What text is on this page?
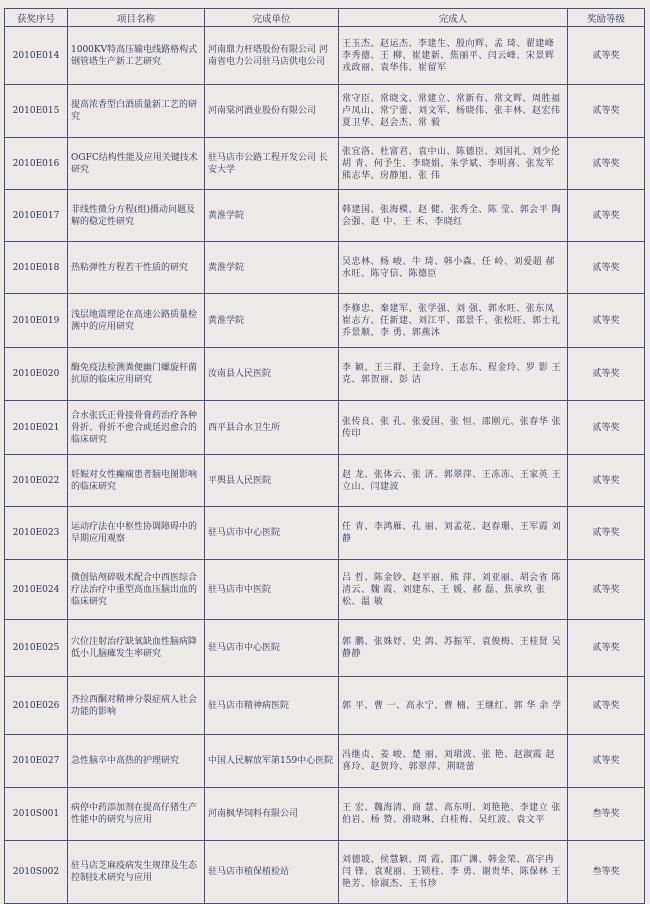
获奖序号	项目名称	完成单位	完成人	奖励等级
2010E014	1000KV特高压输电线路格构式钢管塔生产新工艺研究	河南鼎力杆塔股份有限公司 河南省电力公司驻马店供电公司	王玉杰、赵运杰、李建生、殷向辉、孟 琦、翟建峰 李秀德、王 柳、崔建新、焦丽平、闫云峰、宋景辉 戎政丽、袁华伟、崔留军	贰等奖
2010E015	提高浓香型白酒质量新工艺的研究	河南棠河酒业股份有限公司	常守臣、常晓文、常建立、常新有、常文辉、周胜福 卢凤山、常宁蕾、刘文军、杨晓伟、张丰林、赵宏伟 夏卫华、赵会杰、常 毅	贰等奖
2010E016	OGFC结构性能及应用关键技术研究	驻马店市公路工程开发公司 长安大学	张宜洛、杜富君、袁中山、陈德臣、刘国礼、刘少伦 胡 青、何予生、李晓娟、朱学斌、李明喜、张发军 熊志华、房静旭、张 伟	贰等奖
2010E017	非线性微分方程(组)摄动问题及解的稳定性研究	黄淮学院	韩建国、张海模、赵 健、张秀全、陈 莹、郭会平 陶会强、赵 中、王 禾、李晓红	贰等奖
2010E018	热粘弹性方程若干性质的研究	黄淮学院	吴忠林、杨 峻、牛 琦、韩小森、任 岭、刘爱超 郝水旺、陈守信、陈德臣	贰等奖
2010E019	浅层地震理论在高速公路质量检测中的应用研究	黄淮学院	李修忠、秦建军、张学强、刘 强、郭水旺、张东凤 崔志方、任新建、刘江平、邵景千、张松旺、郭士礼 乔景顺、李 勇、郭燕沐	贰等奖
2010E020	酶免疫法检测粪便幽门螺旋杆菌抗原的临床应用研究	汝南县人民医院	李 颖、王三群、王金玲、王志东、程金玲、罗 影 王 克、郭贺丽、彭 洁	贰等奖
2010E021	合水张氏正骨接骨膏药治疗各种骨折、骨折不愈合或延迟愈合的临床研究	西平县合水卫生所	张传良、张 孔、张爱国、张 恒、邵刚元、张春华 张传印	贰等奖
2010E022	妊娠对女性癫痫患者脑电图影响的临床研究	平舆县人民医院	赵 龙、张体云、张 济、郭翠萍、王冻冻、王家英 王立山、闫建波	贰等奖
2010E023	运动疗法在中枢性协调障碍中的早期应用观察	驻马店市中心医院	任 青、李鸿雁、孔 丽、刘孟花、赵春珊、王军霞 刘 静	贰等奖
2010E024	微创钻颅碎吸术配合中西医综合疗法治疗中重型高血压脑出血的临床研究	驻马店市中医院	吕 哲、陈金钞、赵平丽、熊 萍、刘亚丽、胡会省 陈清云、魏 霞、刘建东、王 媛、郝 磊、焦承玖 张 松、温 敏	贰等奖
2010E025	穴位注射治疗缺氧缺血性脑病降低小儿脑瘫发生率研究	驻马店市中心医院	郭 鹏、张姝妤、史 鸽、苏振军、袁俊梅、王桂贤 吴静静	贰等奖
2010E026	齐拉西酮对精神分裂症病人社会功能的影响	驻马店市精神病医院	郭 平、曹 一、高永宁、曹 楠、王继红、郭 华 余 学	贰等奖
2010E027	急性脑卒中高热的护理研究	中国人民解放军第159中心医院	冯继贞、姜 峻、楚 丽、刘珺波、张 艳、赵淑霞 赵喜玲、赵贺玲、郭翠萍、荆晓蕾	贰等奖
2010S001	病停中药添加剂在提高仔猪生产性能中的研究与应用	河南枫华饲料有限公司	王 宏、魏海清、商 慧、高东明、刘艳艳、李建立 张伯岩、杨 赞、滑晓琳、白桂梅、吴红波、袁文平	叁等奖
2010S002	驻马店芝麻疫病发生规律及生态控制技术研究与应用	驻马店市植保植检站	刘德坡、侯慧颖、周 霞、邵广渊、韩金荣、高宇冉 闫 锋、袁观丽、王锁柱、李 勇、谢贵华、陈保林 王艳芳、徐淑杰、王书珍	叁等奖
